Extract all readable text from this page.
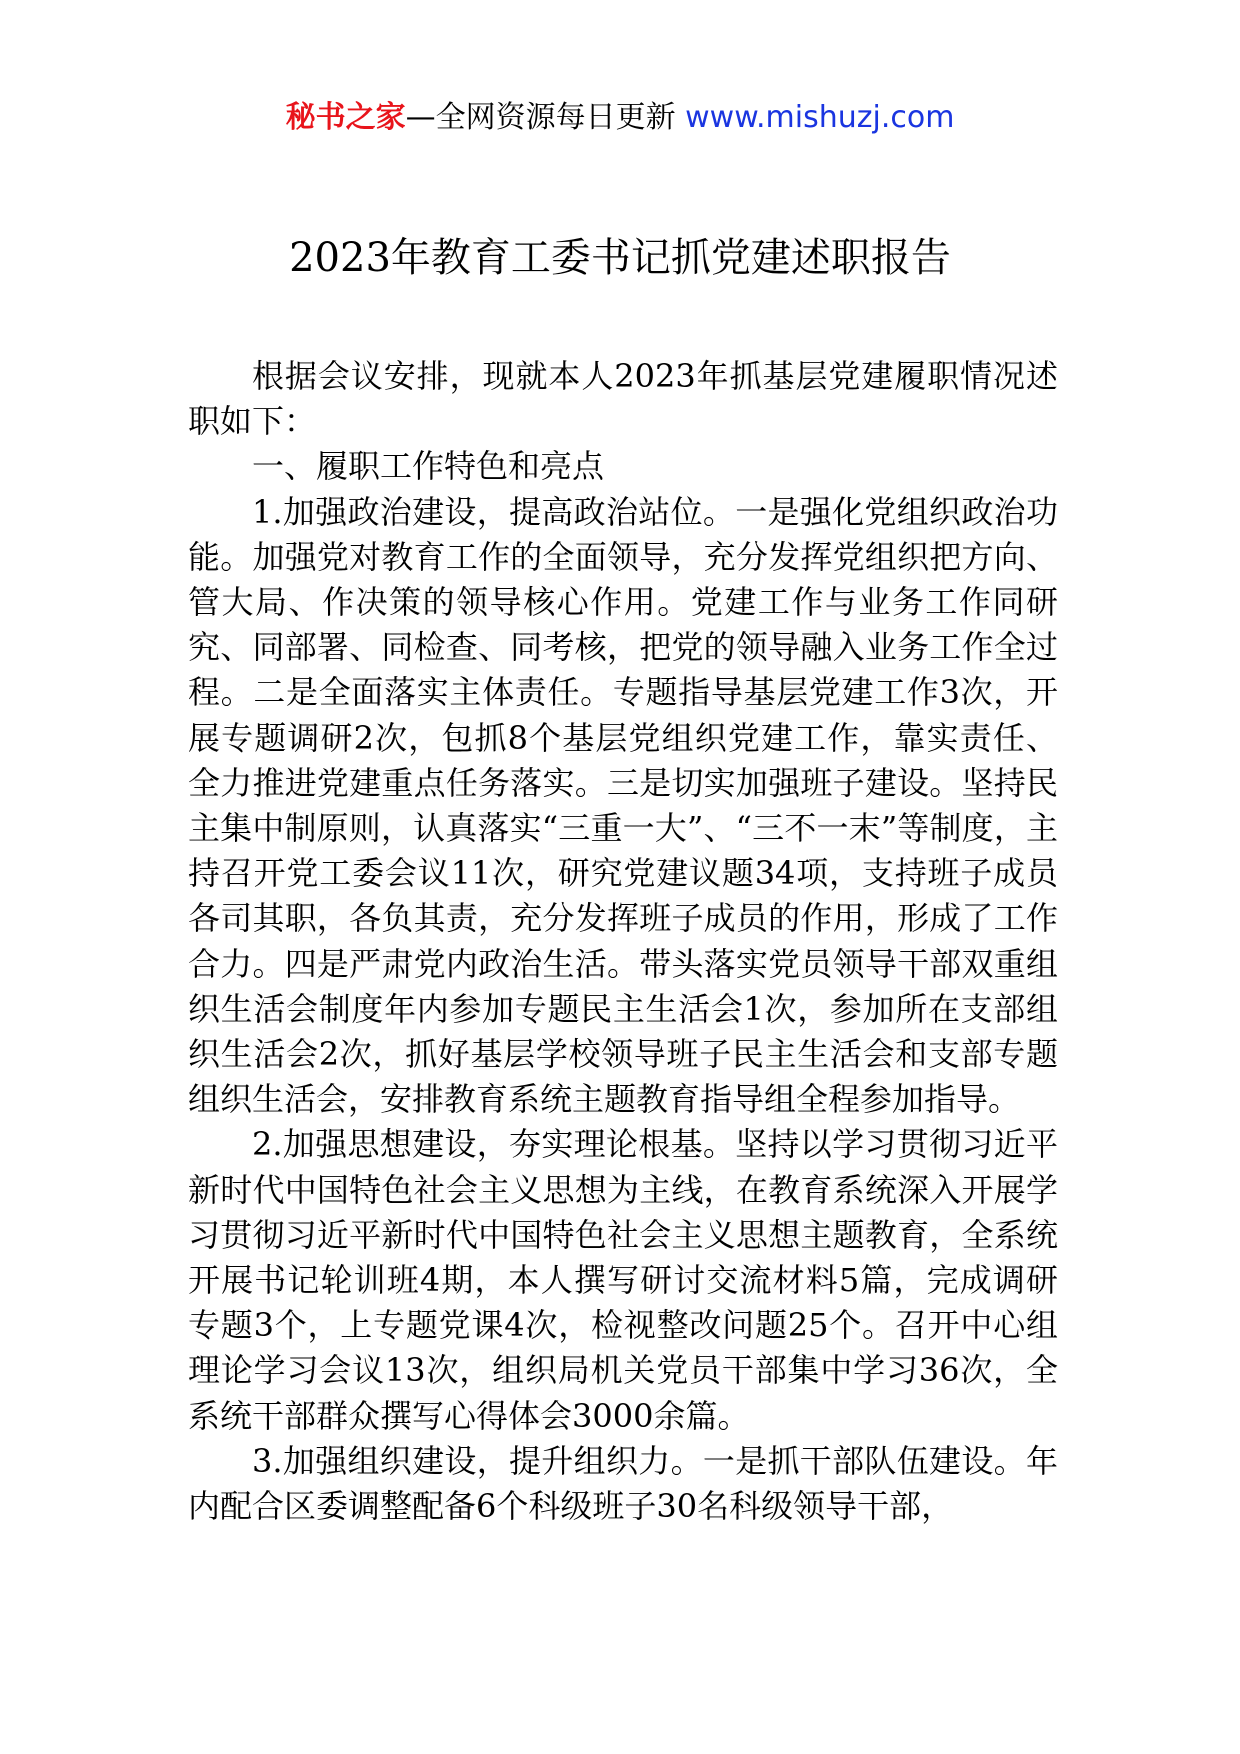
秘书之家—全网资源每日更新 www.mishuzj.com
2023年教育工委书记抓党建述职报告

根据会议安排，现就本人2023年抓基层党建履职情况述职如下：

一、履职工作特色和亮点

1.加强政治建设，提高政治站位。一是强化党组织政治功能。加强党对教育工作的全面领导，充分发挥党组织把方向、管大局、作决策的领导核心作用。党建工作与业务工作同研究、同部署、同检查、同考核，把党的领导融入业务工作全过程。二是全面落实主体责任。专题指导基层党建工作3次，开展专题调研2次，包抓8个基层党组织党建工作，靠实责任、全力推进党建重点任务落实。三是切实加强班子建设。坚持民主集中制原则，认真落实“三重一大”、“三不一末”等制度，主持召开党工委会议11次，研究党建议题34项，支持班子成员各司其职，各负其责，充分发挥班子成员的作用，形成了工作合力。四是严肃党内政治生活。带头落实党员领导干部双重组织生活会制度年内参加专题民主生活会1次，参加所在支部组织生活会2次，抓好基层学校领导班子民主生活会和支部专题组织生活会，安排教育系统主题教育指导组全程参加指导。

2.加强思想建设，夯实理论根基。坚持以学习贯彻习近平新时代中国特色社会主义思想为主线，在教育系统深入开展学习贯彻习近平新时代中国特色社会主义思想主题教育，全系统开展书记轮训班4期，本人撰写研讨交流材料5篇，完成调研专题3个，上专题党课4次，检视整改问题25个。召开中心组理论学习会议13次，组织局机关党员干部集中学习36次，全系统干部群众撰写心得体会3000余篇。

3.加强组织建设，提升组织力。一是抓干部队伍建设。年内配合区委调整配备6个科级班子30名科级领导干部，
